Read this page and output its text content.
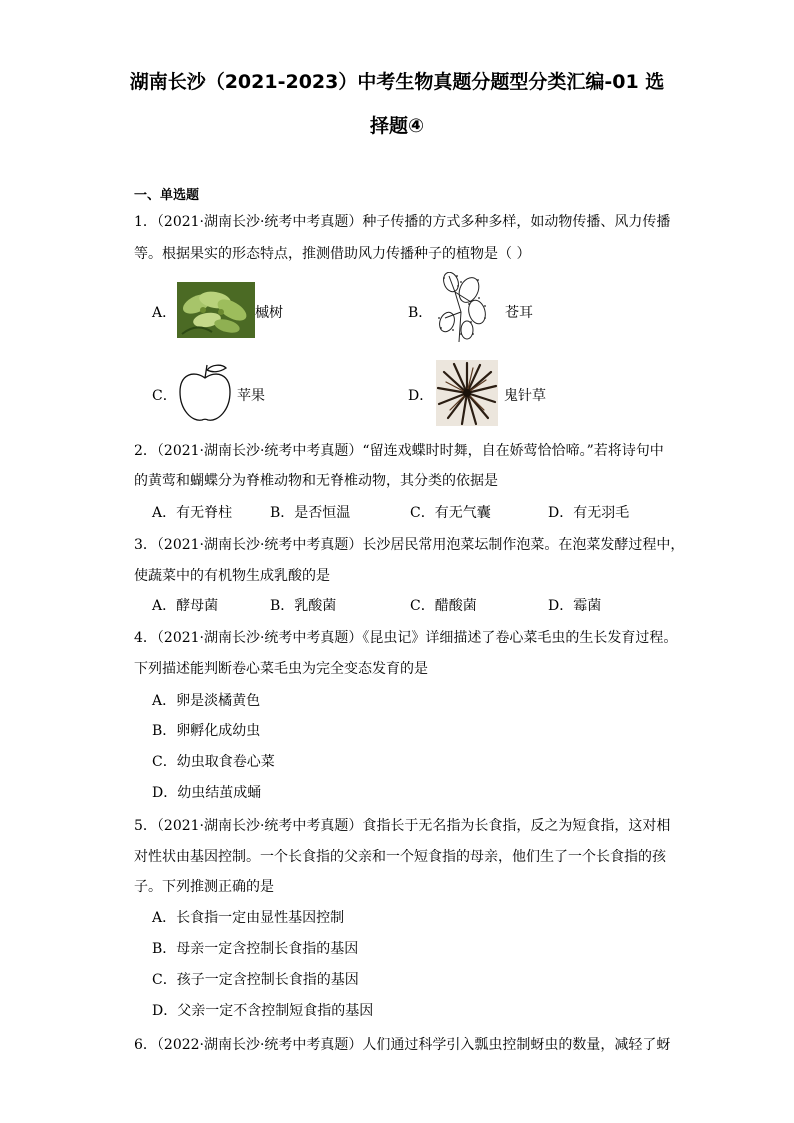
湖南长沙（2021-2023）中考生物真题分题型分类汇编-01 选
择题④
一、单选题
1．（2021·湖南长沙·统考中考真题）种子传播的方式多种多样，如动物传播、风力传播
等。根据果实的形态特点，推测借助风力传播种子的植物是（ ）
A．	槭树	B．	苍耳
C．	苹果	D．	鬼针草
2．（2021·湖南长沙·统考中考真题）“留连戏蝶时时舞，自在娇莺恰恰啼。”若将诗句中
的黄莺和蝴蝶分为脊椎动物和无脊椎动物，其分类的依据是
A．有无脊柱	B．是否恒温	C．有无气囊	D．有无羽毛
3．（2021·湖南长沙·统考中考真题）长沙居民常用泡菜坛制作泡菜。在泡菜发酵过程中，
使蔬菜中的有机物生成乳酸的是
A．酵母菌	B．乳酸菌	C．醋酸菌	D．霉菌
4．（2021·湖南长沙·统考中考真题）《昆虫记》详细描述了卷心菜毛虫的生长发育过程。
下列描述能判断卷心菜毛虫为完全变态发育的是
A．卵是淡橘黄色
B．卵孵化成幼虫
C．幼虫取食卷心菜
D．幼虫结茧成蛹
5．（2021·湖南长沙·统考中考真题）食指长于无名指为长食指，反之为短食指，这对相
对性状由基因控制。一个长食指的父亲和一个短食指的母亲，他们生了一个长食指的孩
子。下列推测正确的是
A．长食指一定由显性基因控制
B．母亲一定含控制长食指的基因
C．孩子一定含控制长食指的基因
D．父亲一定不含控制短食指的基因
6．（2022·湖南长沙·统考中考真题）人们通过科学引入瓢虫控制蚜虫的数量，减轻了蚜
